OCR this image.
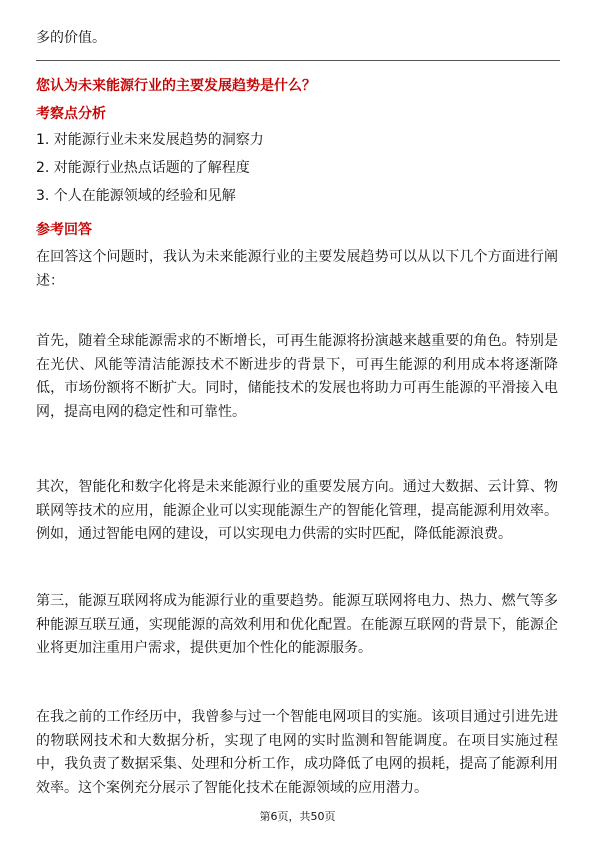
多的价值。

您认为未来能源行业的主要发展趋势是什么？

考察点分析

1. 对能源行业未来发展趋势的洞察力

2. 对能源行业热点话题的了解程度

3. 个人在能源领域的经验和见解

参考回答

在回答这个问题时，我认为未来能源行业的主要发展趋势可以从以下几个方面进行阐述：

首先，随着全球能源需求的不断增长，可再生能源将扮演越来越重要的角色。特别是在光伏、风能等清洁能源技术不断进步的背景下，可再生能源的利用成本将逐渐降低，市场份额将不断扩大。同时，储能技术的发展也将助力可再生能源的平滑接入电网，提高电网的稳定性和可靠性。

其次，智能化和数字化将是未来能源行业的重要发展方向。通过大数据、云计算、物联网等技术的应用，能源企业可以实现能源生产的智能化管理，提高能源利用效率。例如，通过智能电网的建设，可以实现电力供需的实时匹配，降低能源浪费。

第三，能源互联网将成为能源行业的重要趋势。能源互联网将电力、热力、燃气等多种能源互联互通，实现能源的高效利用和优化配置。在能源互联网的背景下，能源企业将更加注重用户需求，提供更加个性化的能源服务。

在我之前的工作经历中，我曾参与过一个智能电网项目的实施。该项目通过引进先进的物联网技术和大数据分析，实现了电网的实时监测和智能调度。在项目实施过程中，我负责了数据采集、处理和分析工作，成功降低了电网的损耗，提高了能源利用效率。这个案例充分展示了智能化技术在能源领域的应用潜力。

第6页，共50页
